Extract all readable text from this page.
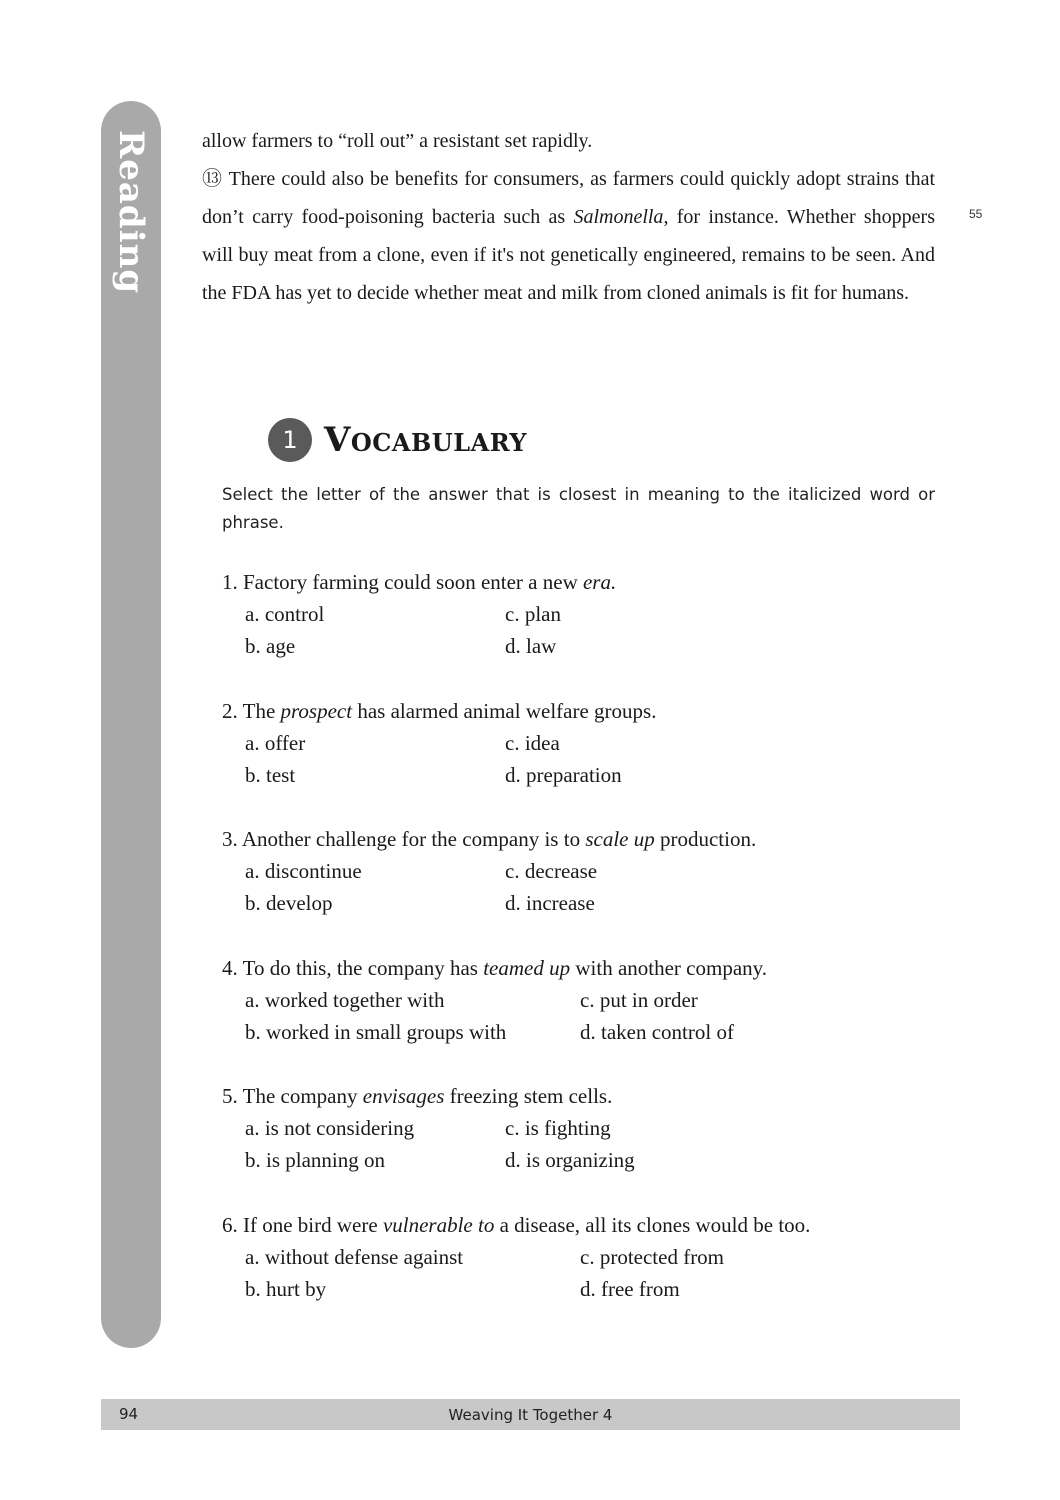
Reading	allow farmers to “roll out” a resistant set rapidly.

⑬ There could also be benefits for consumers, as farmers could quickly adopt strains that don’t carry food-poisoning bacteria such as Salmonella, for instance. Whether shoppers will buy meat from a clone, even if it's not genetically engineered, remains to be seen. And the FDA has yet to decide whether meat and milk from cloned animals is fit for humans.

55
1 Vocabulary
Select the letter of the answer that is closest in meaning to the italicized word or phrase.
1. Factory farming could soon enter a new era.
a. control
b. age
c. plan
d. law
2. The prospect has alarmed animal welfare groups.
a. offer
b. test
c. idea
d. preparation
3. Another challenge for the company is to scale up production.
a. discontinue
b. develop
c. decrease
d. increase
4. To do this, the company has teamed up with another company.
a. worked together with
b. worked in small groups with
c. put in order
d. taken control of
5. The company envisages freezing stem cells.
a. is not considering
b. is planning on
c. is fighting
d. is organizing
6. If one bird were vulnerable to a disease, all its clones would be too.
a. without defense against
b. hurt by
c. protected from
d. free from
94	Weaving It Together 4
